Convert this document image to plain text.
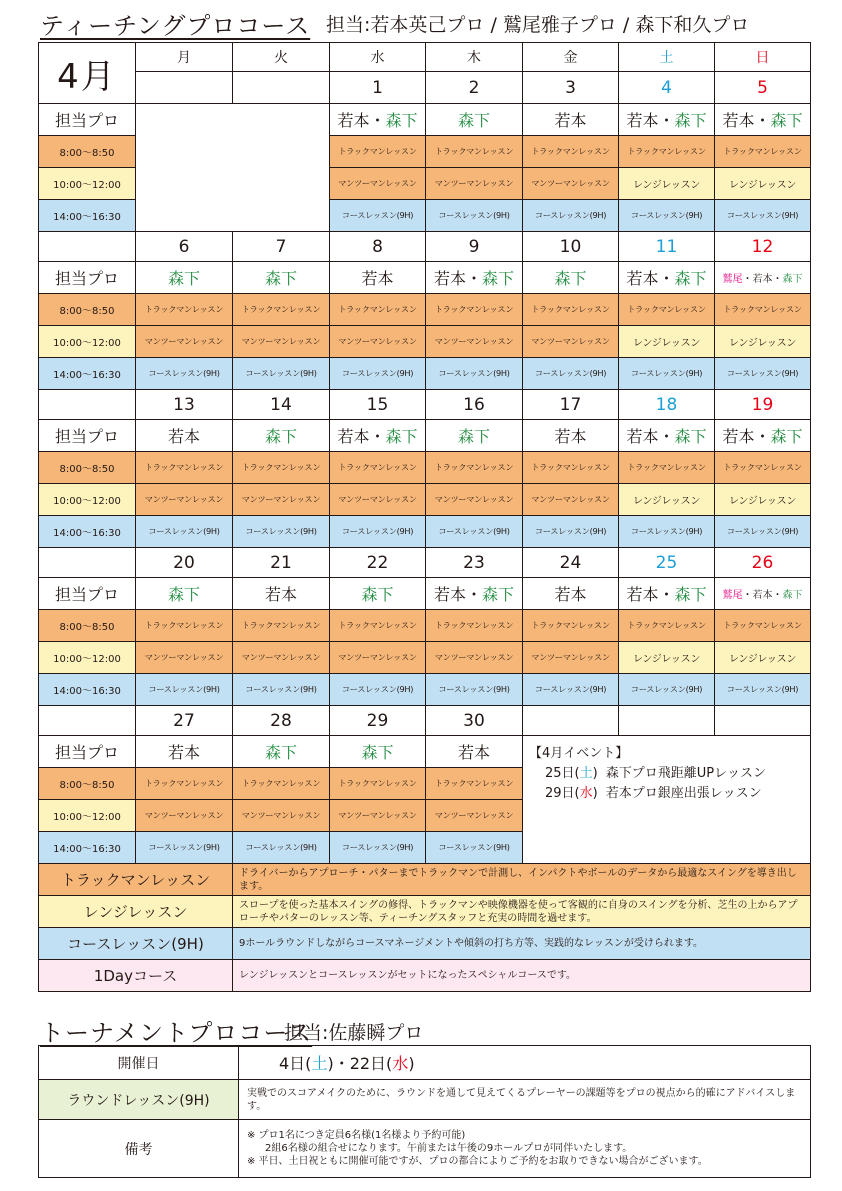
ティーチングプロコース 担当:若本英己プロ / 鷲尾雅子プロ / 森下和久プロ
4月	月	火	水	木	金	土	日
			1	2	3	4	5
担当プロ			若本・森下	森下	若本	若本・森下	若本・森下
8:00〜8:50			トラックマンレッスン	トラックマンレッスン	トラックマンレッスン	トラックマンレッスン	トラックマンレッスン
10:00〜12:00			マンツーマンレッスン	マンツーマンレッスン	マンツーマンレッスン	レンジレッスン	レンジレッスン
14:00〜16:30			コースレッスン(9H)	コースレッスン(9H)	コースレッスン(9H)	コースレッスン(9H)	コースレッスン(9H)
	6	7	8	9	10	11	12
担当プロ	森下	森下	若本	若本・森下	森下	若本・森下	鷲尾・若本・森下
8:00〜8:50	トラックマンレッスン	トラックマンレッスン	トラックマンレッスン	トラックマンレッスン	トラックマンレッスン	トラックマンレッスン	トラックマンレッスン
10:00〜12:00	マンツーマンレッスン	マンツーマンレッスン	マンツーマンレッスン	マンツーマンレッスン	マンツーマンレッスン	レンジレッスン	レンジレッスン
14:00〜16:30	コースレッスン(9H)	コースレッスン(9H)	コースレッスン(9H)	コースレッスン(9H)	コースレッスン(9H)	コースレッスン(9H)	コースレッスン(9H)
	13	14	15	16	17	18	19
担当プロ	若本	森下	若本・森下	森下	若本	若本・森下	若本・森下
8:00〜8:50	トラックマンレッスン	トラックマンレッスン	トラックマンレッスン	トラックマンレッスン	トラックマンレッスン	トラックマンレッスン	トラックマンレッスン
10:00〜12:00	マンツーマンレッスン	マンツーマンレッスン	マンツーマンレッスン	マンツーマンレッスン	マンツーマンレッスン	レンジレッスン	レンジレッスン
14:00〜16:30	コースレッスン(9H)	コースレッスン(9H)	コースレッスン(9H)	コースレッスン(9H)	コースレッスン(9H)	コースレッスン(9H)	コースレッスン(9H)
	20	21	22	23	24	25	26
担当プロ	森下	若本	森下	若本・森下	若本	若本・森下	鷲尾・若本・森下
8:00〜8:50	トラックマンレッスン	トラックマンレッスン	トラックマンレッスン	トラックマンレッスン	トラックマンレッスン	トラックマンレッスン	トラックマンレッスン
10:00〜12:00	マンツーマンレッスン	マンツーマンレッスン	マンツーマンレッスン	マンツーマンレッスン	マンツーマンレッスン	レンジレッスン	レンジレッスン
14:00〜16:30	コースレッスン(9H)	コースレッスン(9H)	コースレッスン(9H)	コースレッスン(9H)	コースレッスン(9H)	コースレッスン(9H)	コースレッスン(9H)
	27	28	29	30			
担当プロ	若本	森下	森下	若本	【4月イベント】
25日(土) 森下プロ飛距離UPレッスン
29日(水) 若本プロ銀座出張レッスン		

8:00〜8:50	トラックマンレッスン	トラックマンレッスン	トラックマンレッスン	トラックマンレッスン			
10:00〜12:00	マンツーマンレッスン	マンツーマンレッスン	マンツーマンレッスン	マンツーマンレッスン			
14:00〜16:30	コースレッスン(9H)	コースレッスン(9H)	コースレッスン(9H)	コースレッスン(9H)			
トラックマンレッスン		ドライバーからアプローチ・パターまでトラックマンで計測し、インパクトやボールのデータから最適なスイングを導き出します。					
レンジレッスン		スロープを使った基本スイングの修得、トラックマンや映像機器を使って客観的に自身のスイングを分析、芝生の上からアプローチやパターのレッスン等、ティーチングスタッフと充実の時間を過せます。					
コースレッスン(9H)		9ホールラウンドしながらコースマネージメントや傾斜の打ち方等、実践的なレッスンが受けられます。					
1Dayコース		レンジレッスンとコースレッスンがセットになったスペシャルコースです。					
トーナメントプロコース
担当:佐藤瞬プロ
開催日	4日(土)・22日(水)
ラウンドレッスン(9H)	実戦でのスコアメイクのために、ラウンドを通して見えてくるプレーヤーの課題等をプロの視点から的確にアドバイスします。
備考	※ プロ1名につき定員6名様(1名様より予約可能)
2組6名様の組合せになります。午前または午後の9ホールプロが同伴いたします。
※ 平日、土日祝ともに開催可能ですが、プロの都合によりご予約をお取りできない場合がございます。
